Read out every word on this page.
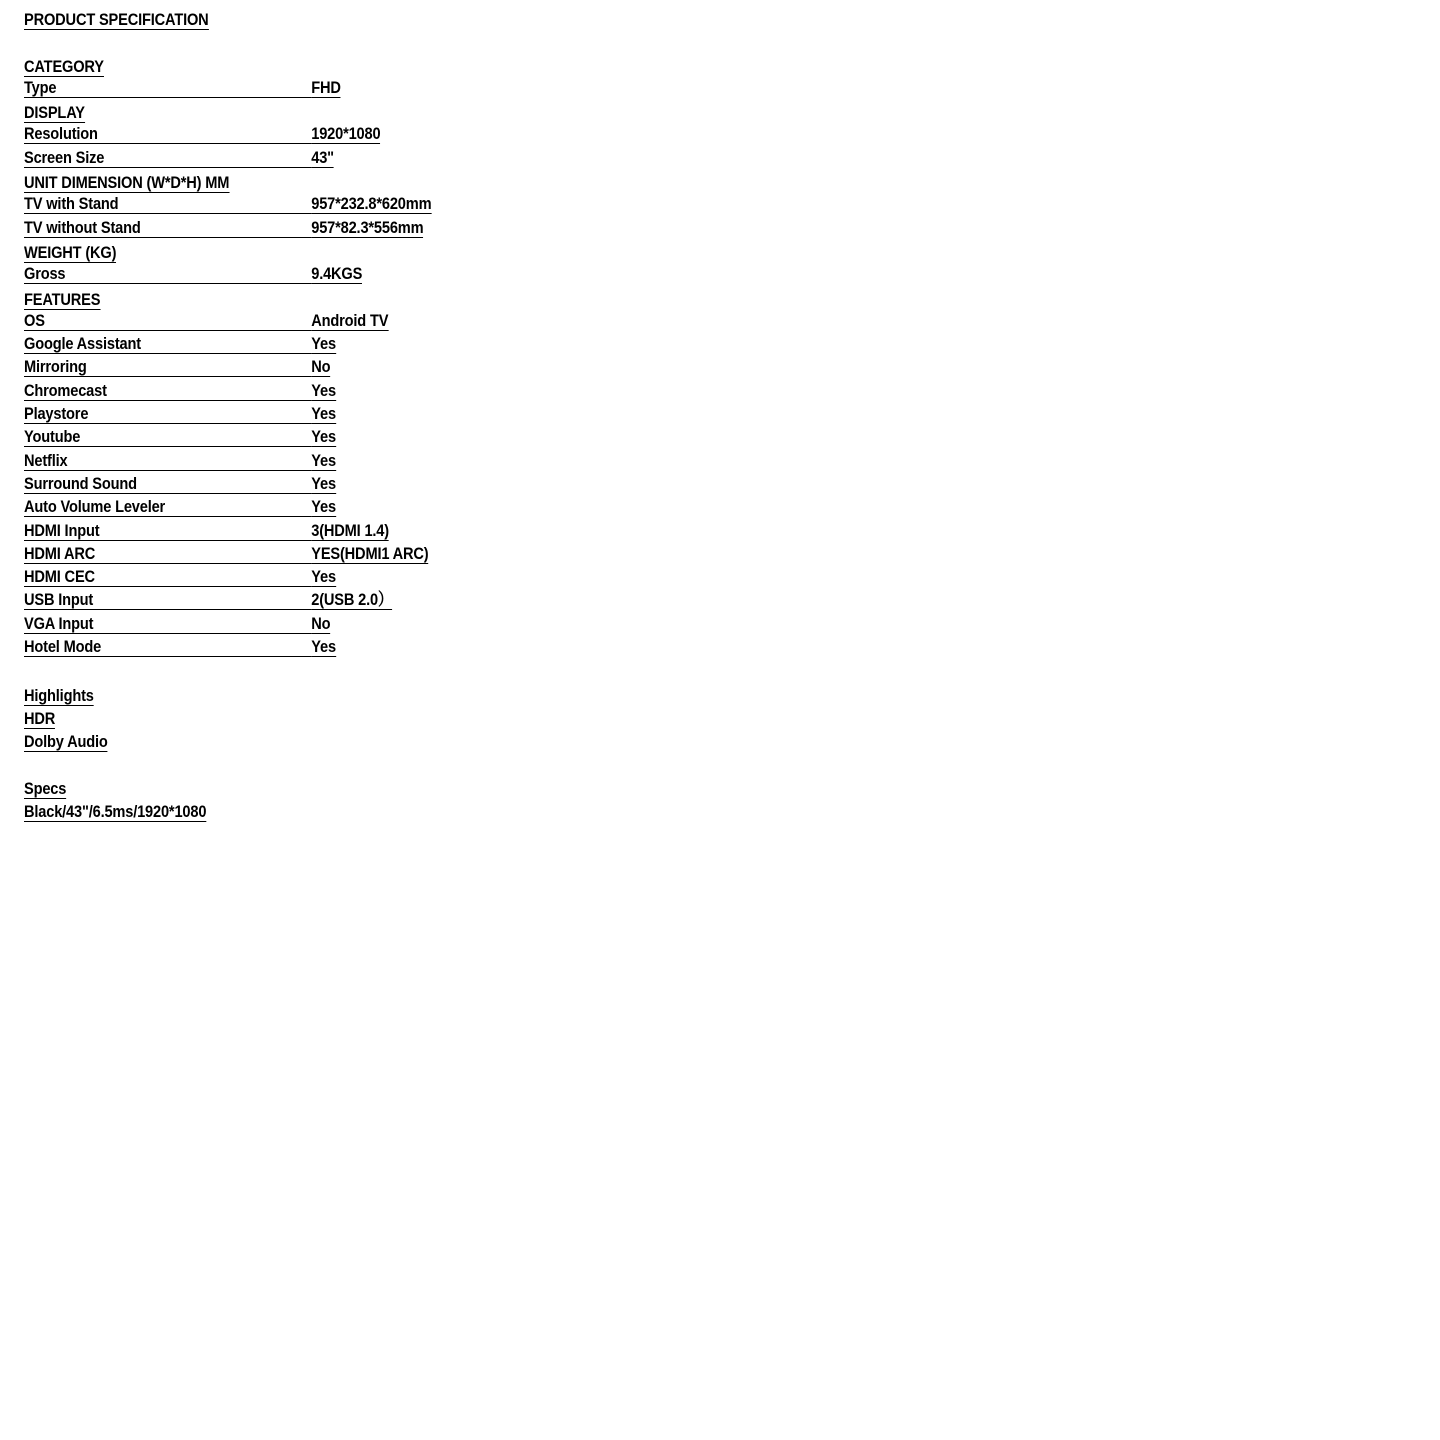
PRODUCT SPECIFICATION
CATEGORY
Type	FHD
DISPLAY
Resolution	1920*1080
Screen Size	43"
UNIT DIMENSION (W*D*H) MM
TV with Stand	957*232.8*620mm
TV without Stand	957*82.3*556mm
WEIGHT (KG)
Gross	9.4KGS
FEATURES
OS	Android TV
Google Assistant	Yes
Mirroring	No
Chromecast	Yes
Playstore	Yes
Youtube	Yes
Netflix	Yes
Surround Sound	Yes
Auto Volume Leveler	Yes
HDMI Input	3(HDMI 1.4)
HDMI ARC	YES(HDMI1 ARC)
HDMI CEC	Yes
USB Input	2(USB 2.0）
VGA Input	No
Hotel Mode	Yes
Highlights
HDR
Dolby Audio
Specs
Black/43"/6.5ms/1920*1080
